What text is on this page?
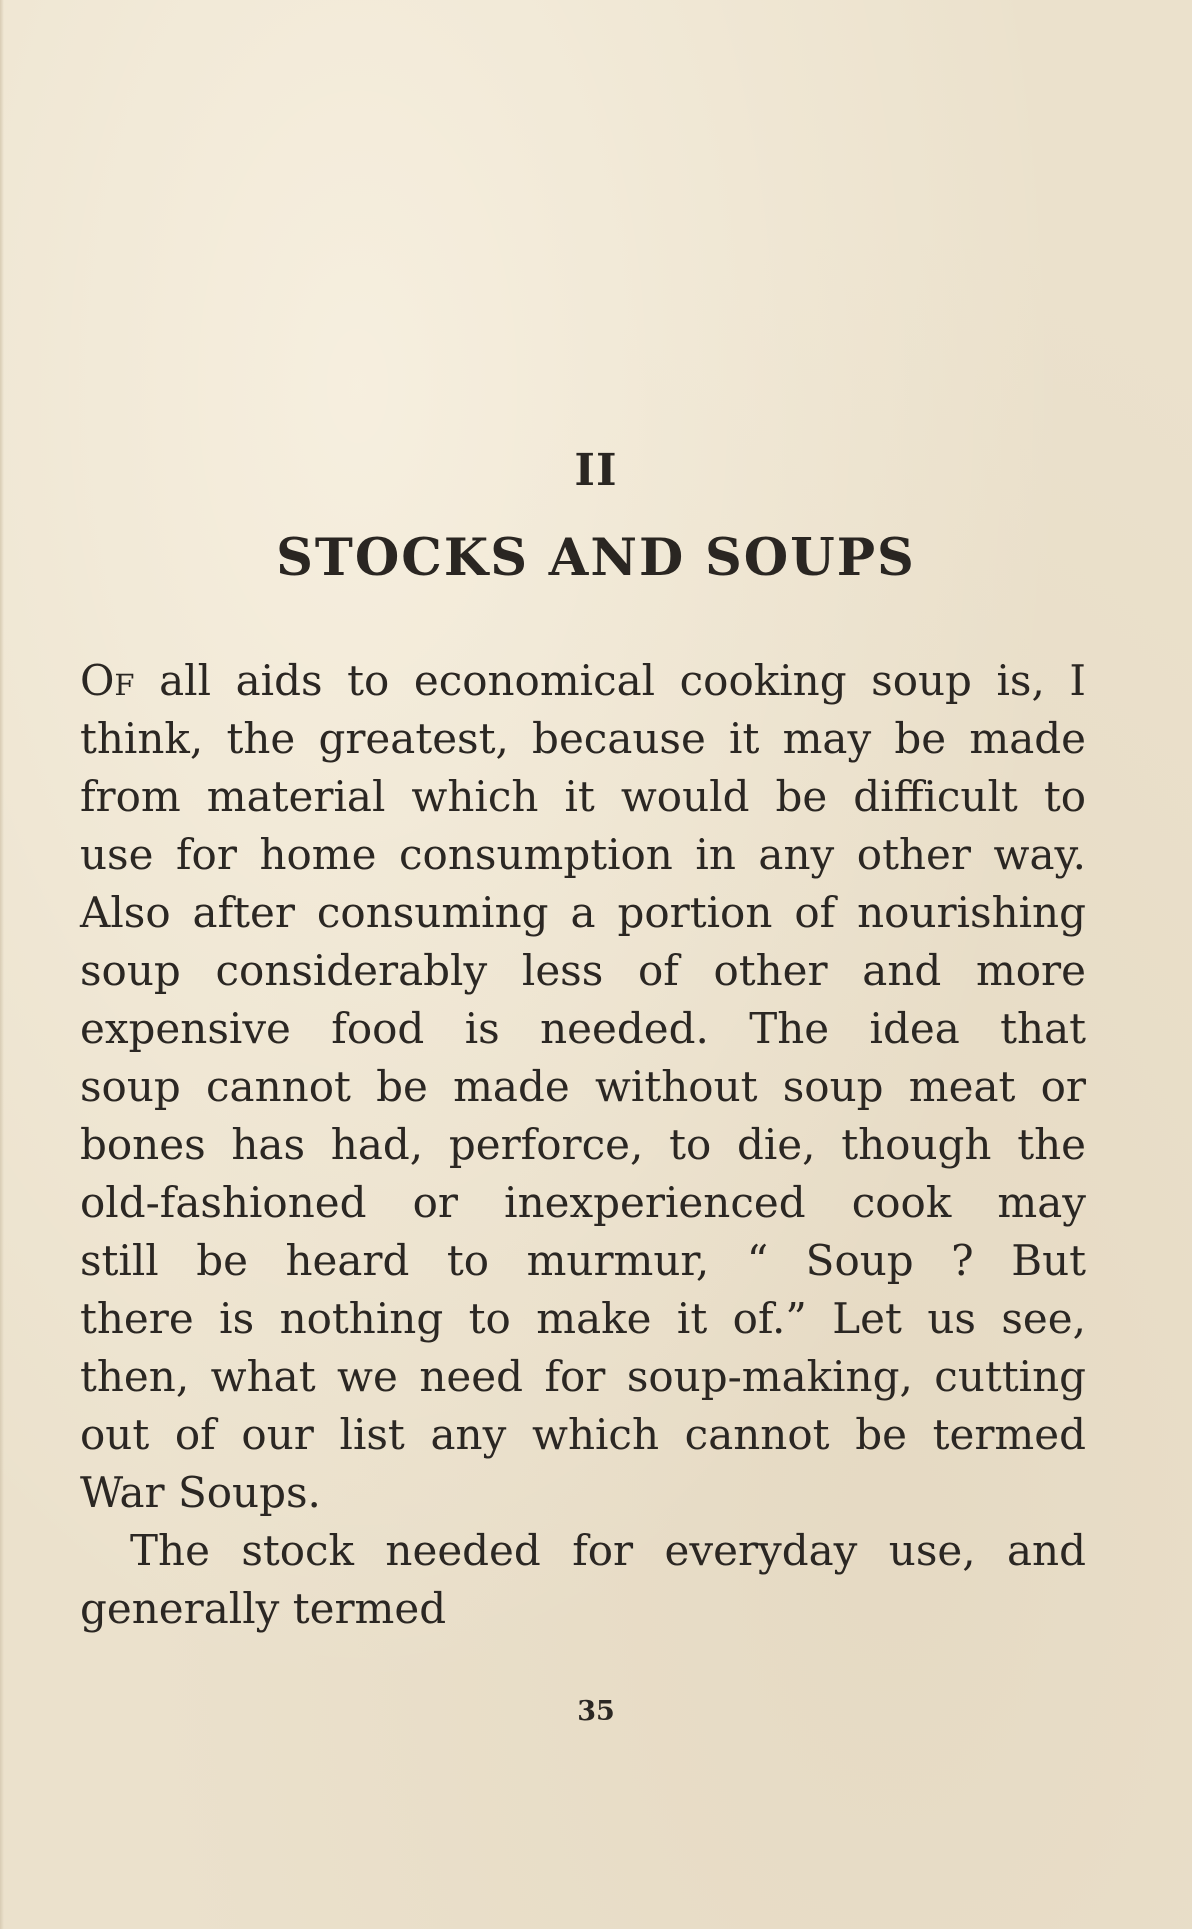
II
STOCKS AND SOUPS
Of all aids to economical cooking soup is, I
think, the greatest, because it may be made
from material which it would be difficult to
use for home consumption in any other way.
Also after consuming a portion of nourishing
soup considerably less of other and more
expensive food is needed. The idea that
soup cannot be made without soup meat or
bones has had, perforce, to die, though the
old-fashioned or inexperienced cook may
still be heard to murmur, “ Soup ? But
there is nothing to make it of.” Let us see,
then, what we need for soup-making, cutting
out of our list any which cannot be termed
War Soups.
The stock needed for everyday use, and
generally termed
35
